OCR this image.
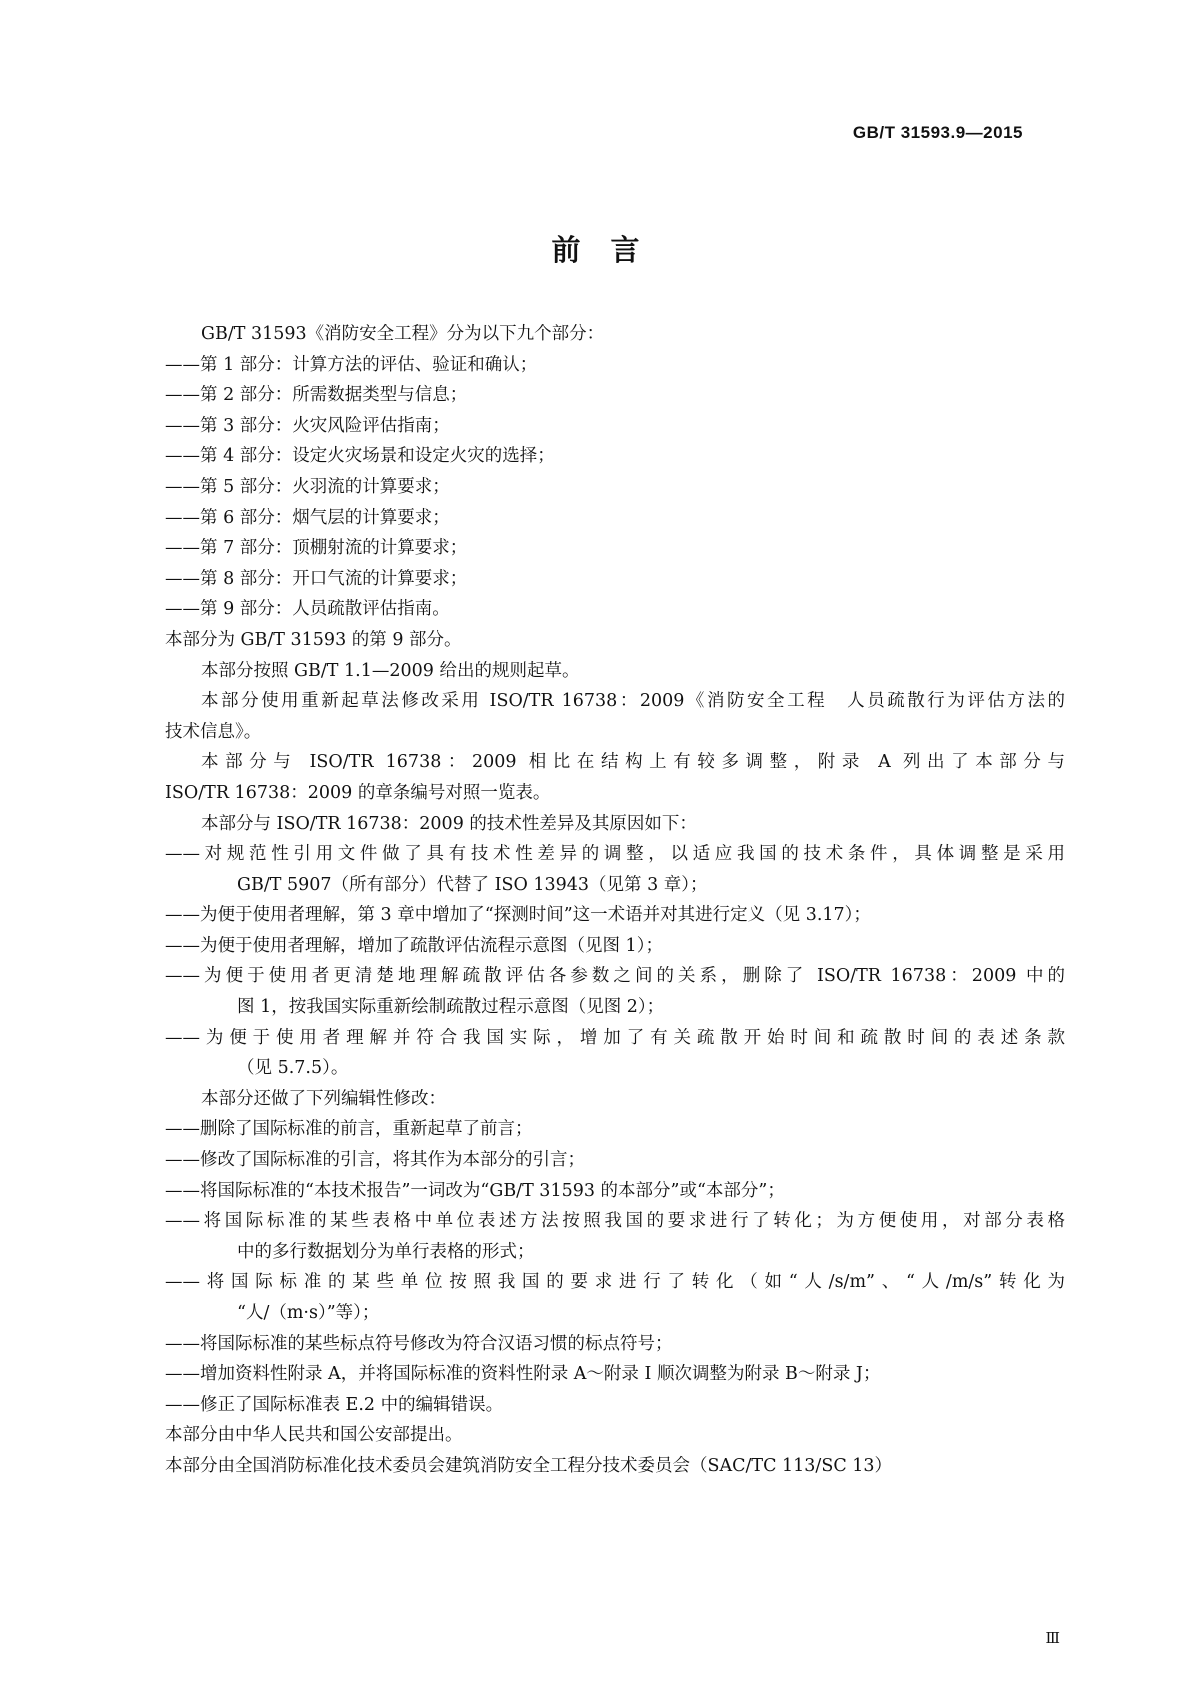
GB/T 31593.9—2015
前言
GB/T 31593《消防安全工程》分为以下九个部分：
——第 1 部分：计算方法的评估、验证和确认；
——第 2 部分：所需数据类型与信息；
——第 3 部分：火灾风险评估指南；
——第 4 部分：设定火灾场景和设定火灾的选择；
——第 5 部分：火羽流的计算要求；
——第 6 部分：烟气层的计算要求；
——第 7 部分：顶棚射流的计算要求；
——第 8 部分：开口气流的计算要求；
——第 9 部分：人员疏散评估指南。
本部分为 GB/T 31593 的第 9 部分。
本部分按照 GB/T 1.1—2009 给出的规则起草。
本部分使用重新起草法修改采用 ISO/TR 16738：2009《消防安全工程　人员疏散行为评估方法的
技术信息》。
本部分与 ISO/TR 16738：2009 相比在结构上有较多调整，附录 A 列出了本部分与
ISO/TR 16738：2009 的章条编号对照一览表。
本部分与 ISO/TR 16738：2009 的技术性差异及其原因如下：
——对规范性引用文件做了具有技术性差异的调整，以适应我国的技术条件，具体调整是采用
GB/T 5907（所有部分）代替了 ISO 13943（见第 3 章）；
——为便于使用者理解，第 3 章中增加了“探测时间”这一术语并对其进行定义（见 3.17）；
——为便于使用者理解，增加了疏散评估流程示意图（见图 1）；
——为便于使用者更清楚地理解疏散评估各参数之间的关系，删除了 ISO/TR 16738：2009 中的
图 1，按我国实际重新绘制疏散过程示意图（见图 2）；
——为便于使用者理解并符合我国实际，增加了有关疏散开始时间和疏散时间的表述条款
（见 5.7.5）。
本部分还做了下列编辑性修改：
——删除了国际标准的前言，重新起草了前言；
——修改了国际标准的引言，将其作为本部分的引言；
——将国际标准的“本技术报告”一词改为“GB/T 31593 的本部分”或“本部分”；
——将国际标准的某些表格中单位表述方法按照我国的要求进行了转化；为方便使用，对部分表格
中的多行数据划分为单行表格的形式；
——将国际标准的某些单位按照我国的要求进行了转化（如“人/s/m”、“人/m/s”转化为
“人/（m·s）”等）；
——将国际标准的某些标点符号修改为符合汉语习惯的标点符号；
——增加资料性附录 A，并将国际标准的资料性附录 A～附录 I 顺次调整为附录 B～附录 J；
——修正了国际标准表 E.2 中的编辑错误。
本部分由中华人民共和国公安部提出。
本部分由全国消防标准化技术委员会建筑消防安全工程分技术委员会（SAC/TC 113/SC 13）
Ⅲ
